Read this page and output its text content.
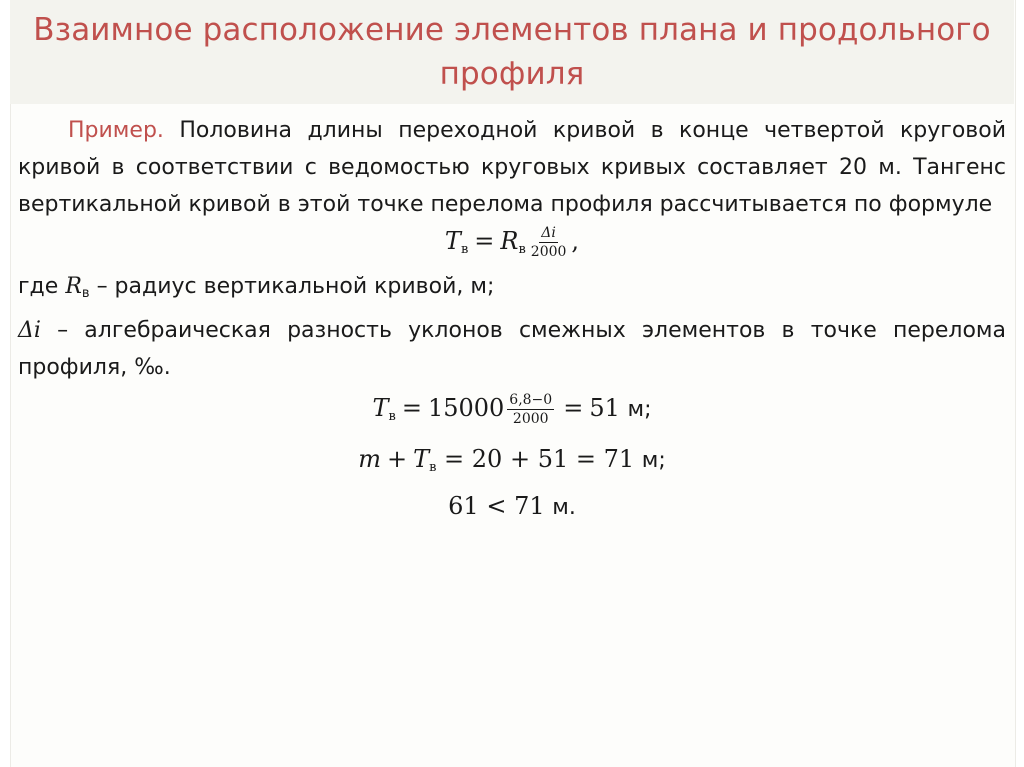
Взаимное расположение элементов плана и продольного профиля

Пример. Половина длины переходной кривой в конце четвертой круговой кривой в соответствии с ведомостью круговых кривых составляет 20 м. Тангенс вертикальной кривой в этой точке перелома профиля рассчитывается по формуле

$T_в = R_в \frac{\Delta i}{2000}$ ,

где $R_в$ – радиус вертикальной кривой, м;

Δi – алгебраическая разность уклонов смежных элементов в точке перелома профиля, ‰.

$T_в = 15000 \frac{6,8-0}{2000} = 51$ м;
$m + T_в = 20 + 51 = 71$ м;
61 < 71 м.
